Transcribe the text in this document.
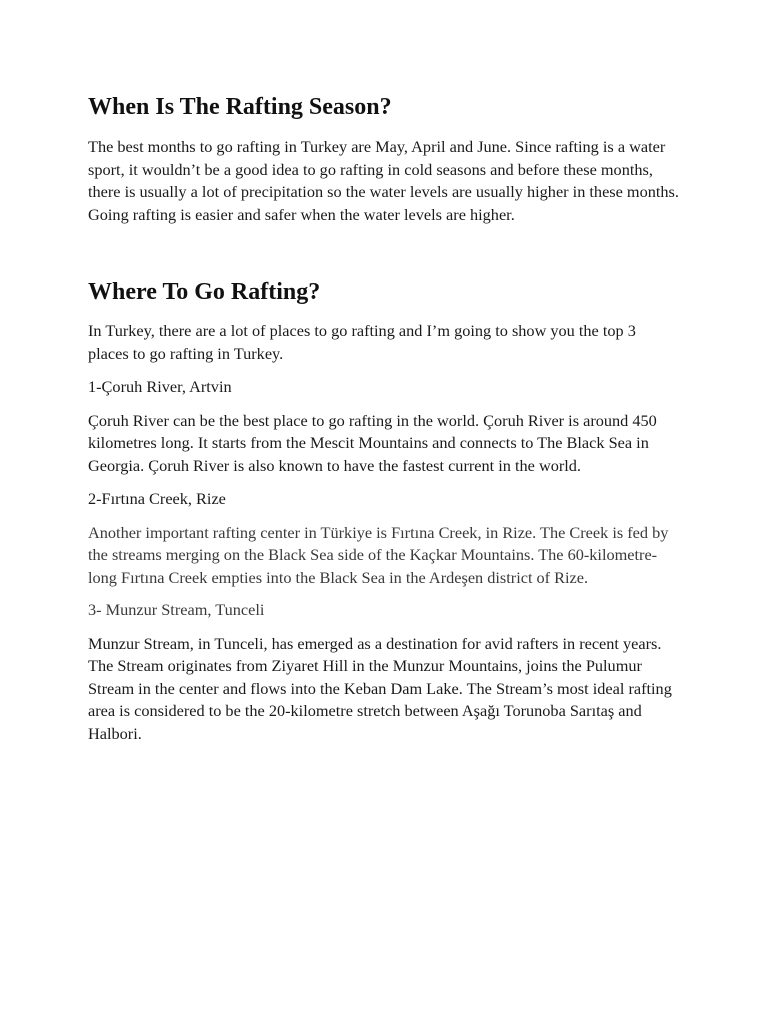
When Is The Rafting Season?

The best months to go rafting in Turkey are May, April and June. Since rafting is a water sport, it wouldn’t be a good idea to go rafting in cold seasons and before these months, there is usually a lot of precipitation so the water levels are usually higher in these months. Going rafting is easier and safer when the water levels are higher.

Where To Go Rafting?

In Turkey, there are a lot of places to go rafting and I’m going to show you the top 3 places to go rafting in Turkey.

1-Çoruh River, Artvin

Çoruh River can be the best place to go rafting in the world. Çoruh River is around 450 kilometres long. It starts from the Mescit Mountains and connects to The Black Sea in Georgia. Çoruh River is also known to have the fastest current in the world.

2-Fırtına Creek, Rize

Another important rafting center in Türkiye is Fırtına Creek, in Rize. The Creek is fed by the streams merging on the Black Sea side of the Kaçkar Mountains. The 60-kilometre-long Fırtına Creek empties into the Black Sea in the Ardeşen district of Rize.

3- Munzur Stream, Tunceli

Munzur Stream, in Tunceli, has emerged as a destination for avid rafters in recent years. The Stream originates from Ziyaret Hill in the Munzur Mountains, joins the Pulumur Stream in the center and flows into the Keban Dam Lake. The Stream’s most ideal rafting area is considered to be the 20-kilometre stretch between Aşağı Torunoba Sarıtaş and Halbori.
